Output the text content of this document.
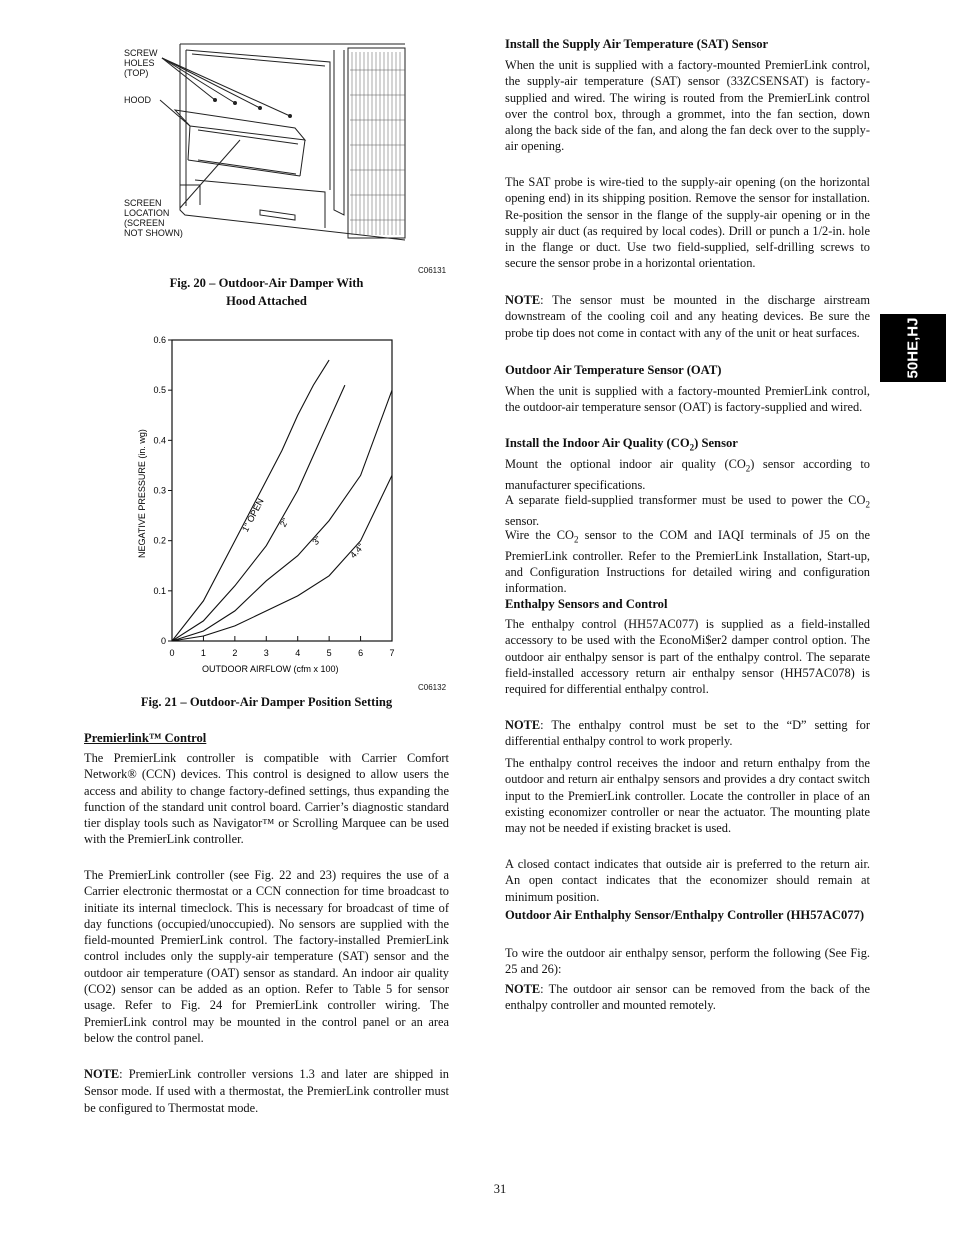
SCREW
HOLES
(TOP)
HOOD
SCREEN
LOCATION
(SCREEN
NOT SHOWN)
C06131
Fig. 20 – Outdoor-Air Damper With
Hood Attached
0
0.1
0.2
0.3
0.4
0.5
0.6
0	1	2	3	4	5	6	7
1" OPEN 2"
3"
4.4"
NEGATIVE PRESSURE (in. wg)
OUTDOOR AIRFLOW (cfm x 100)
C06132
Fig. 21 – Outdoor-Air Damper Position Setting
Premierlink™ Control

The PremierLink controller is compatible with Carrier Comfort Network® (CCN) devices. This control is designed to allow users the access and ability to change factory-defined settings, thus expanding the function of the standard unit control board. Carrier’s diagnostic standard tier display tools such as Navigator™ or Scrolling Marquee can be used with the PremierLink controller.

The PremierLink controller (see Fig. 22 and 23) requires the use of a Carrier electronic thermostat or a CCN connection for time broadcast to initiate its internal timeclock. This is necessary for broadcast of time of day functions (occupied/unoccupied). No sensors are supplied with the field-mounted PremierLink control. The factory-installed PremierLink control includes only the supply-air temperature (SAT) sensor and the outdoor air temperature (OAT) sensor as standard. An indoor air quality (CO2) sensor can be added as an option. Refer to Table 5 for sensor usage. Refer to Fig. 24 for PremierLink controller wiring. The PremierLink control may be mounted in the control panel or an area below the control panel.

NOTE: PremierLink controller versions 1.3 and later are shipped in Sensor mode. If used with a thermostat, the PremierLink controller must be configured to Thermostat mode.

Install the Supply Air Temperature (SAT) Sensor

When the unit is supplied with a factory-mounted PremierLink control, the supply-air temperature (SAT) sensor (33ZCSENSAT) is factory-supplied and wired. The wiring is routed from the PremierLink control over the control box, through a grommet, into the fan section, down along the back side of the fan, and along the fan deck over to the supply-air opening.

The SAT probe is wire-tied to the supply-air opening (on the horizontal opening end) in its shipping position. Remove the sensor for installation. Re-position the sensor in the flange of the supply-air opening or in the supply air duct (as required by local codes). Drill or punch a 1/2-in. hole in the flange or duct. Use two field-supplied, self-drilling screws to secure the sensor probe in a horizontal orientation.

NOTE: The sensor must be mounted in the discharge airstream downstream of the cooling coil and any heating devices. Be sure the probe tip does not come in contact with any of the unit or heat surfaces.

Outdoor Air Temperature Sensor (OAT)

When the unit is supplied with a factory-mounted PremierLink control, the outdoor-air temperature sensor (OAT) is factory-supplied and wired.

Install the Indoor Air Quality $(CO_2)$ Sensor

Mount the optional indoor air quality $(CO_2)$ sensor according to manufacturer specifications.

A separate field-supplied transformer must be used to power the $CO_2$ sensor.

Wire the $CO_2$ sensor to the COM and IAQI terminals of J5 on the PremierLink controller. Refer to the PremierLink Installation, Start-up, and Configuration Instructions for detailed wiring and configuration information.

Enthalpy Sensors and Control

The enthalpy control (HH57AC077) is supplied as a field-installed accessory to be used with the EconoMi$er2 damper control option. The outdoor air enthalpy sensor is part of the enthalpy control. The separate field-installed accessory return air enthalpy sensor (HH57AC078) is required for differential enthalpy control.

NOTE: The enthalpy control must be set to the “D” setting for differential enthalpy control to work properly.

The enthalpy control receives the indoor and return enthalpy from the outdoor and return air enthalpy sensors and provides a dry contact switch input to the PremierLink controller. Locate the controller in place of an existing economizer controller or near the actuator. The mounting plate may not be needed if existing bracket is used.

A closed contact indicates that outside air is preferred to the return air. An open contact indicates that the economizer should remain at minimum position.

Outdoor Air Enthalphy Sensor/Enthalpy Controller (HH57AC077)

To wire the outdoor air enthalpy sensor, perform the following (See Fig. 25 and 26):

NOTE: The outdoor air sensor can be removed from the back of the enthalpy controller and mounted remotely.

50HE,HJ
31
